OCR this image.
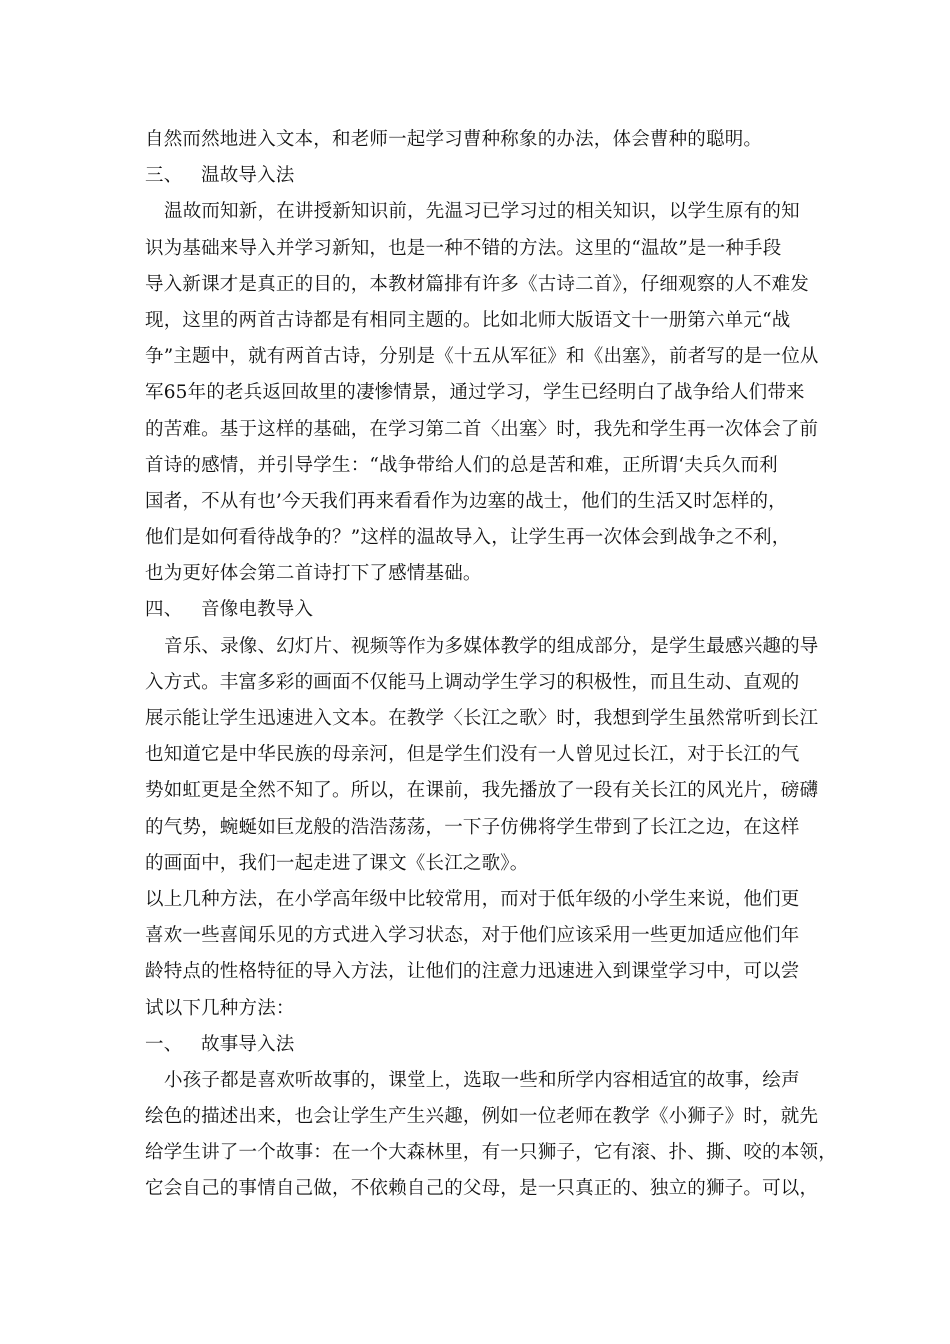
自然而然地进入文本，和老师一起学习曹种称象的办法，体会曹种的聪明。
三、 温故导入法
温故而知新，在讲授新知识前，先温习已学习过的相关知识，以学生原有的知
识为基础来导入并学习新知，也是一种不错的方法。这里的“温故”是一种手段
导入新课才是真正的目的，本教材篇排有许多《古诗二首》，仔细观察的人不难发
现，这里的两首古诗都是有相同主题的。比如北师大版语文十一册第六单元“战
争”主题中，就有两首古诗，分别是《十五从军征》和《出塞》，前者写的是一位从
军65年的老兵返回故里的凄惨情景，通过学习，学生已经明白了战争给人们带来
的苦难。基于这样的基础，在学习第二首〈出塞〉时，我先和学生再一次体会了前
首诗的感情，并引导学生：“战争带给人们的总是苦和难，正所谓‘夫兵久而利
国者，不从有也’今天我们再来看看作为边塞的战士，他们的生活又时怎样的，
他们是如何看待战争的？”这样的温故导入，让学生再一次体会到战争之不利，
也为更好体会第二首诗打下了感情基础。
四、 音像电教导入
音乐、录像、幻灯片、视频等作为多媒体教学的组成部分，是学生最感兴趣的导
入方式。丰富多彩的画面不仅能马上调动学生学习的积极性，而且生动、直观的
展示能让学生迅速进入文本。在教学〈长江之歌〉时，我想到学生虽然常听到长江
也知道它是中华民族的母亲河，但是学生们没有一人曾见过长江，对于长江的气
势如虹更是全然不知了。所以，在课前，我先播放了一段有关长江的风光片，磅礴
的气势，蜿蜒如巨龙般的浩浩荡荡，一下子仿佛将学生带到了长江之边，在这样
的画面中，我们一起走进了课文《长江之歌》。
以上几种方法，在小学高年级中比较常用，而对于低年级的小学生来说，他们更
喜欢一些喜闻乐见的方式进入学习状态，对于他们应该采用一些更加适应他们年
龄特点的性格特征的导入方法，让他们的注意力迅速进入到课堂学习中，可以尝
试以下几种方法：
一、 故事导入法
小孩子都是喜欢听故事的，课堂上，选取一些和所学内容相适宜的故事，绘声
绘色的描述出来，也会让学生产生兴趣，例如一位老师在教学《小狮子》时，就先
给学生讲了一个故事：在一个大森林里，有一只狮子，它有滚、扑、撕、咬的本领，
它会自己的事情自己做，不依赖自己的父母，是一只真正的、独立的狮子。可以，
